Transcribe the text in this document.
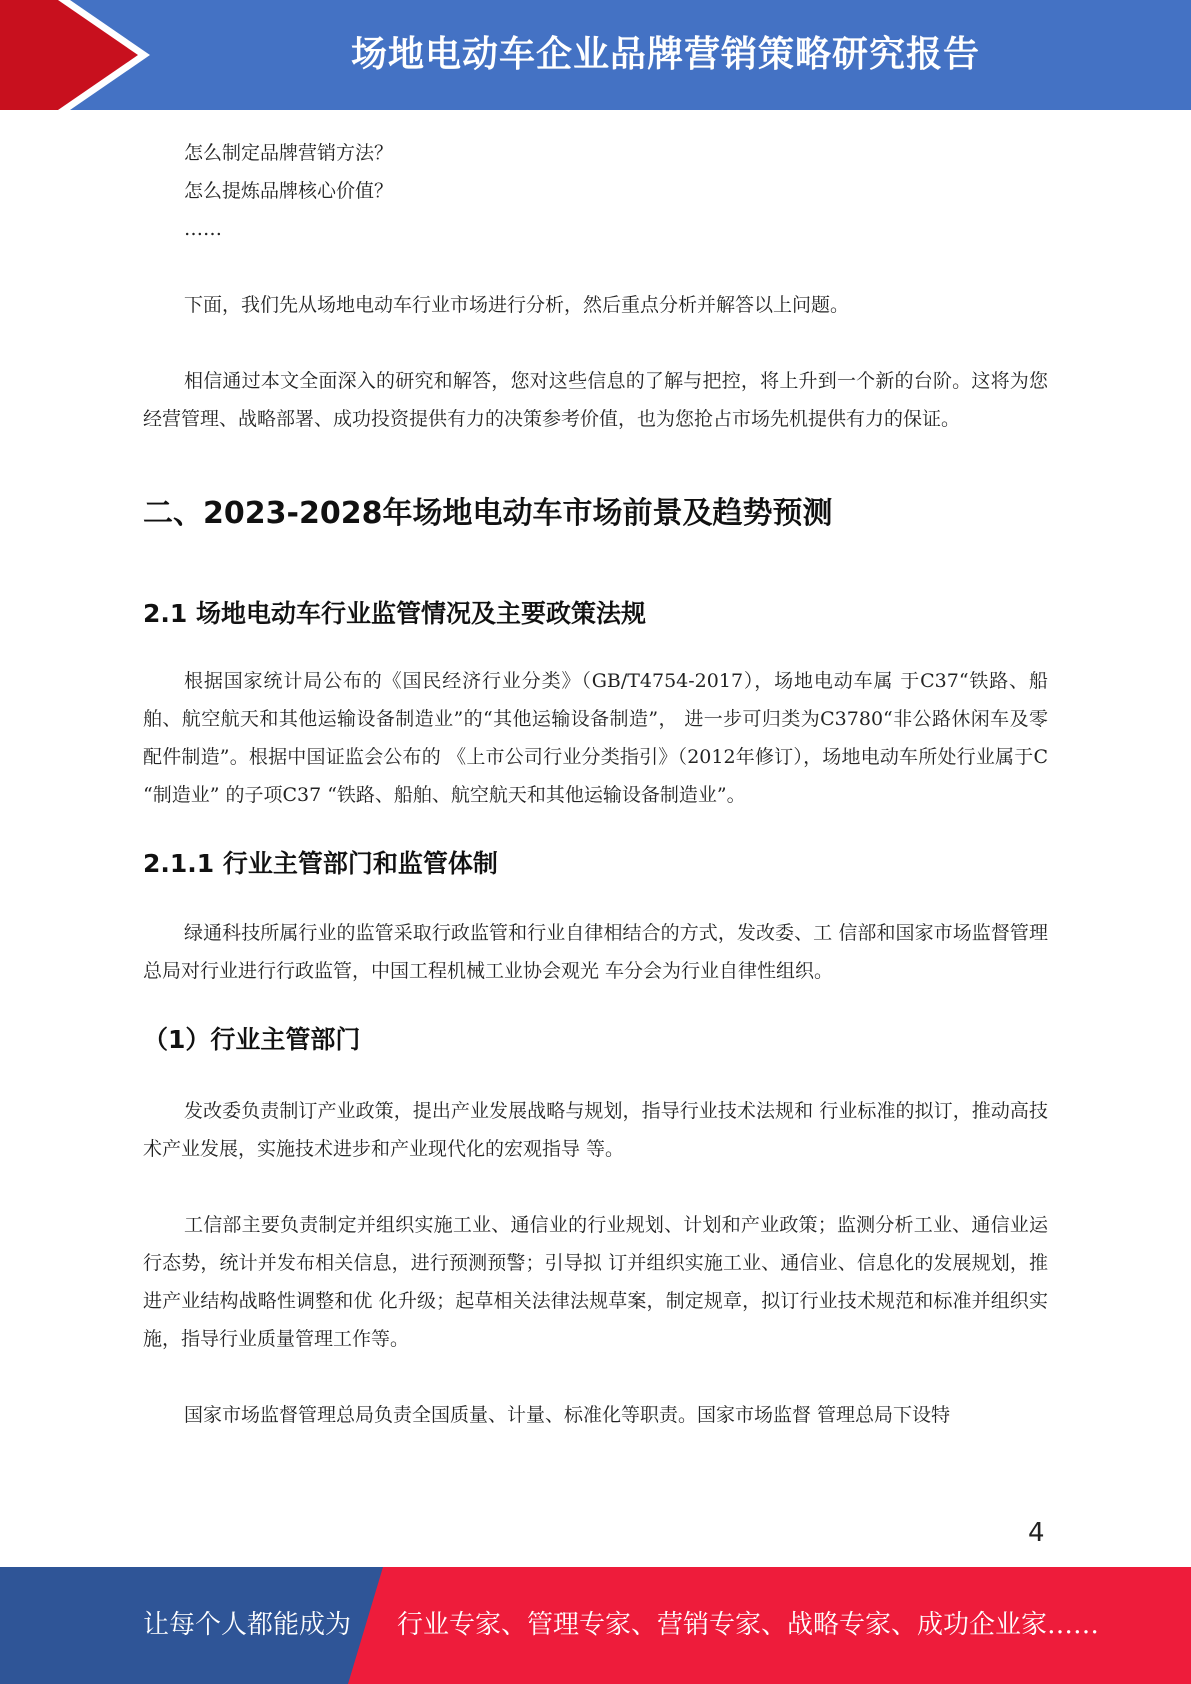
场地电动车企业品牌营销策略研究报告

怎么制定品牌营销方法？

怎么提炼品牌核心价值？

……

下面，我们先从场地电动车行业市场进行分析，然后重点分析并解答以上问题。

相信通过本文全面深入的研究和解答，您对这些信息的了解与把控，将上升到一个新的台阶。这将为您经营管理、战略部署、成功投资提供有力的决策参考价值，也为您抢占市场先机提供有力的保证。

二、2023-2028年场地电动车市场前景及趋势预测
2.1 场地电动车行业监管情况及主要政策法规

根据国家统计局公布的《国民经济行业分类》（GB/T4754-2017），场地电动车属 于C37“铁路、船舶、航空航天和其他运输设备制造业”的“其他运输设备制造”， 进一步可归类为C3780“非公路休闲车及零配件制造”。根据中国证监会公布的 《上市公司行业分类指引》（2012年修订），场地电动车所处行业属于C “制造业” 的子项C37 “铁路、船舶、航空航天和其他运输设备制造业”。

2.1.1 行业主管部门和监管体制

绿通科技所属行业的监管采取行政监管和行业自律相结合的方式，发改委、工 信部和国家市场监督管理总局对行业进行行政监管，中国工程机械工业协会观光 车分会为行业自律性组织。

（1）行业主管部门

发改委负责制订产业政策，提出产业发展战略与规划，指导行业技术法规和 行业标准的拟订，推动高技术产业发展，实施技术进步和产业现代化的宏观指导 等。

工信部主要负责制定并组织实施工业、通信业的行业规划、计划和产业政策；监测分析工业、通信业运行态势，统计并发布相关信息，进行预测预警；引导拟 订并组织实施工业、通信业、信息化的发展规划，推进产业结构战略性调整和优 化升级；起草相关法律法规草案，制定规章，拟订行业技术规范和标准并组织实 施，指导行业质量管理工作等。

国家市场监督管理总局负责全国质量、计量、标准化等职责。国家市场监督 管理总局下设特

4
让每个人都能成为 行业专家、管理专家、营销专家、战略专家、成功企业家……
